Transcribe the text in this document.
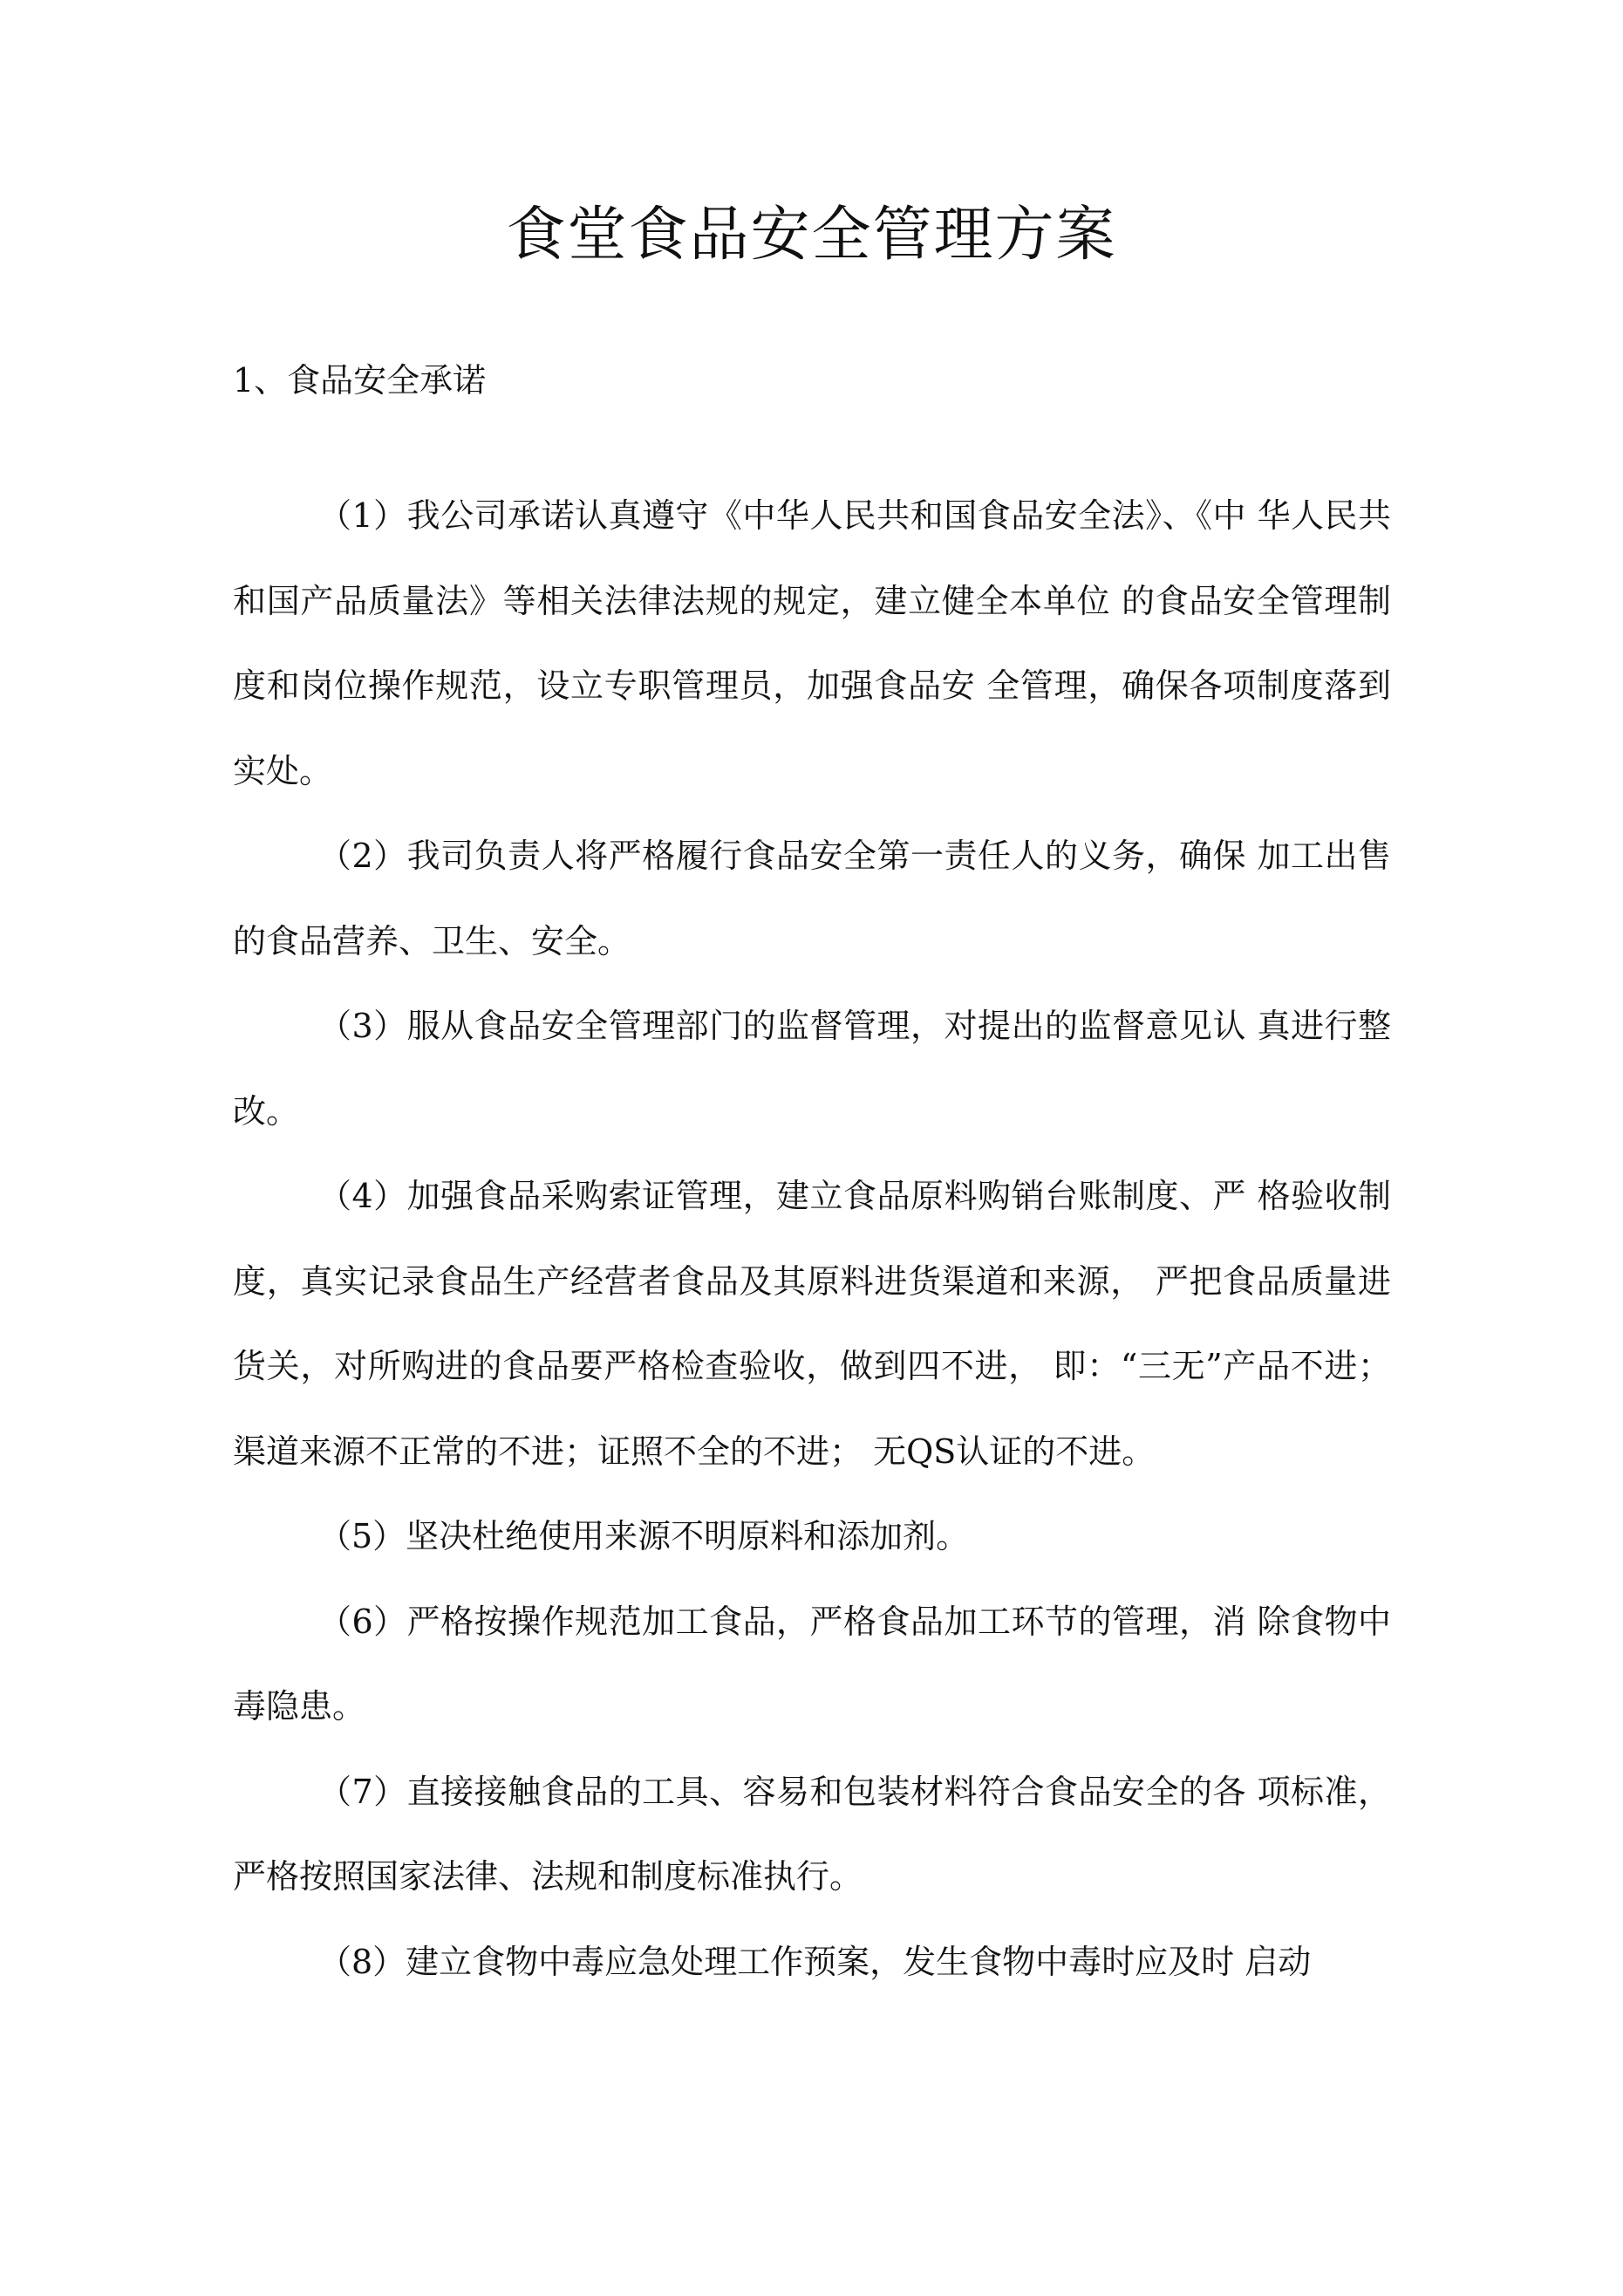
食堂食品安全管理方案
1、食品安全承诺

（1）我公司承诺认真遵守《中华人民共和国食品安全法》、《中 华人民共和国产品质量法》等相关法律法规的规定，建立健全本单位 的食品安全管理制度和岗位操作规范，设立专职管理员，加强食品安 全管理，确保各项制度落到实处。

（2）我司负责人将严格履行食品安全第一责任人的义务，确保 加工出售的食品营养、卫生、安全。

（3）服从食品安全管理部门的监督管理，对提出的监督意见认 真进行整改。

（4）加强食品采购索证管理，建立食品原料购销台账制度、严 格验收制度，真实记录食品生产经营者食品及其原料进货渠道和来源， 严把食品质量进货关，对所购进的食品要严格检查验收，做到四不进， 即：“三无”产品不进；渠道来源不正常的不进；证照不全的不进； 无QS认证的不进。

（5）坚决杜绝使用来源不明原料和添加剂。

（6）严格按操作规范加工食品，严格食品加工环节的管理，消 除食物中毒隐患。

（7）直接接触食品的工具、容易和包装材料符合食品安全的各 项标准，严格按照国家法律、法规和制度标准执行。

（8）建立食物中毒应急处理工作预案，发生食物中毒时应及时 启动
